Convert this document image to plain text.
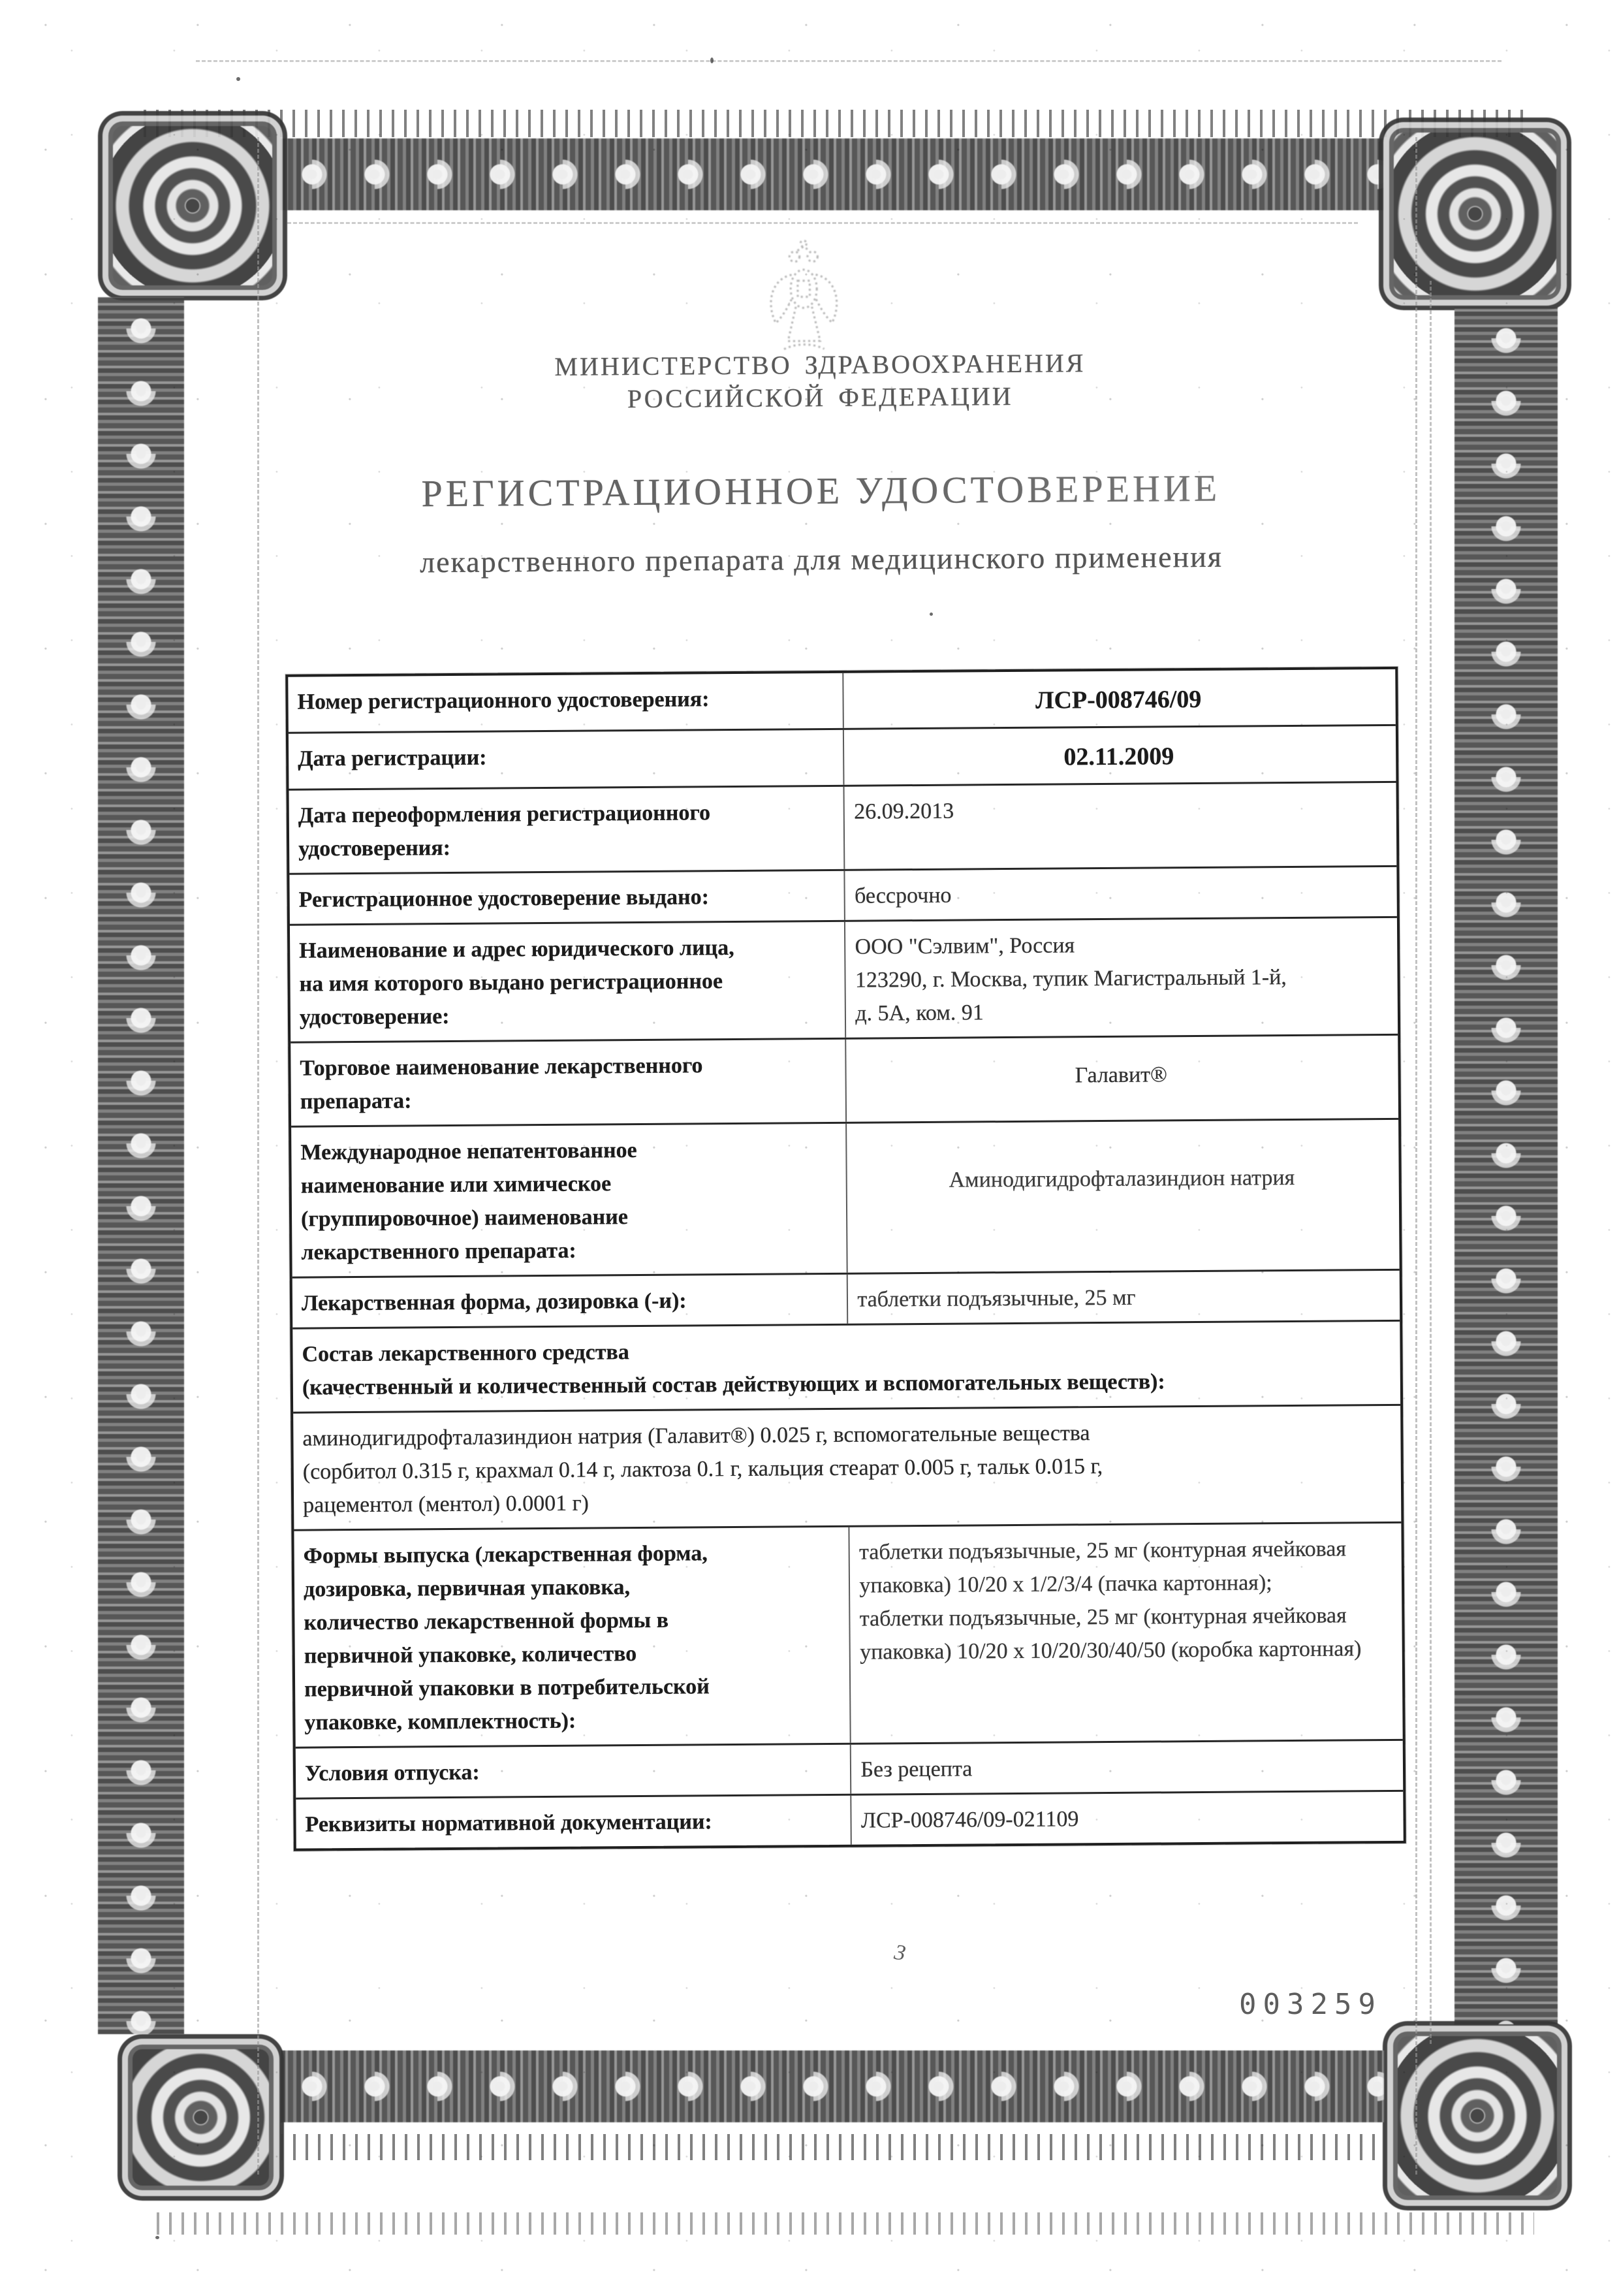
МИНИСТЕРСТВО ЗДРАВООХРАНЕНИЯ
РОССИЙСКОЙ ФЕДЕРАЦИИ
РЕГИСТРАЦИОННОЕ УДОСТОВЕРЕНИЕ
лекарственного препарата для медицинского применения
Номер регистрационного удостоверения:	ЛСР-008746/09
Дата регистрации:	02.11.2009
Дата переоформления регистрационного
удостоверения:
26.09.2013
Регистрационное удостоверение выдано:	бессрочно
Наименование и адрес юридического лица,
на имя которого выдано регистрационное
удостоверение:
ООО "Сэлвим", Россия
123290, г. Москва, тупик Магистральный 1-й,
д. 5А, ком. 91
Торговое наименование лекарственного
препарата:
Галавит®
Международное непатентованное
наименование или химическое
(группировочное) наименование
лекарственного препарата:
Аминодигидрофталазиндион натрия
Лекарственная форма, дозировка (-и):	таблетки подъязычные, 25 мг
Состав лекарственного средства
(качественный и количественный состав действующих и вспомогательных веществ):
аминодигидрофталазиндион натрия (Галавит®) 0.025 г, вспомогательные вещества
(сорбитол 0.315 г, крахмал 0.14 г, лактоза 0.1 г, кальция стеарат 0.005 г, тальк 0.015 г,
рацементол (ментол) 0.0001 г)
Формы выпуска (лекарственная форма,
дозировка, первичная упаковка,
количество лекарственной формы в
первичной упаковке, количество
первичной упаковки в потребительской
упаковке, комплектность):
таблетки подъязычные, 25 мг (контурная ячейковая упаковка) 10/20 х 1/2/3/4 (пачка картонная);
таблетки подъязычные, 25 мг (контурная ячейковая упаковка) 10/20 х 10/20/30/40/50 (коробка картонная)
Условия отпуска:	Без рецепта
Реквизиты нормативной документации:	ЛСР-008746/09-021109
3
003259
